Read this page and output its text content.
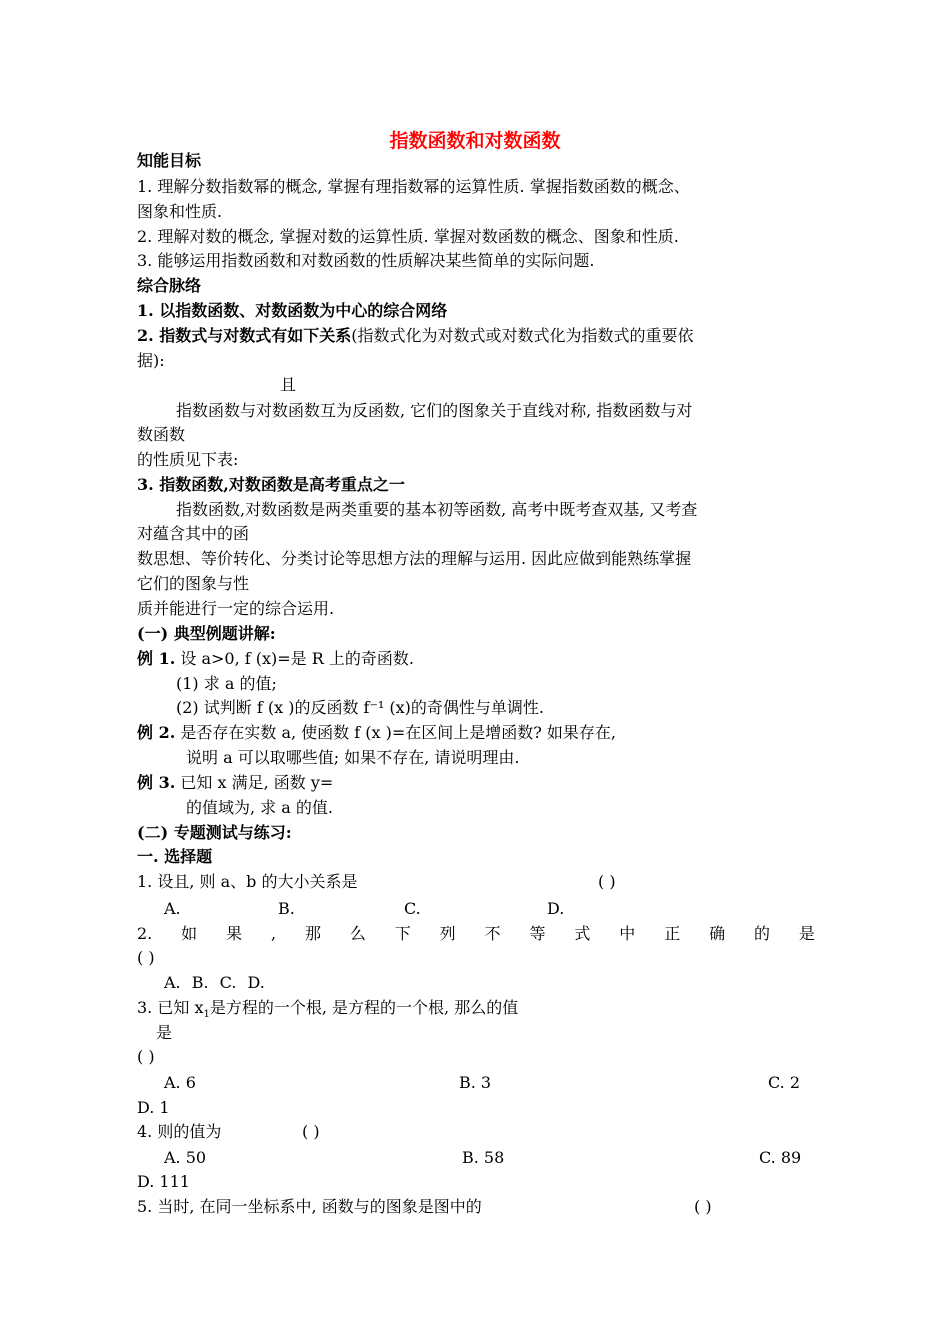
指数函数和对数函数
知能目标
1. 理解分数指数幂的概念, 掌握有理指数幂的运算性质. 掌握指数函数的概念、
图象和性质.
2. 理解对数的概念, 掌握对数的运算性质. 掌握对数函数的概念、图象和性质.
3. 能够运用指数函数和对数函数的性质解决某些简单的实际问题.
综合脉络
1. 以指数函数、对数函数为中心的综合网络
2. 指数式与对数式有如下关系(指数式化为对数式或对数式化为指数式的重要依
据):
且
指数函数与对数函数互为反函数, 它们的图象关于直线对称, 指数函数与对
数函数
的性质见下表:
3. 指数函数,对数函数是高考重点之一
指数函数,对数函数是两类重要的基本初等函数, 高考中既考查双基, 又考查
对蕴含其中的函
数思想、等价转化、分类讨论等思想方法的理解与运用. 因此应做到能熟练掌握
它们的图象与性
质并能进行一定的综合运用.
(一) 典型例题讲解:
例 1. 设 a>0, f (x)=是 R 上的奇函数.
(1) 求 a 的值;
(2) 试判断 f (x )的反函数 f⁻¹ (x)的奇偶性与单调性.
例 2. 是否存在实数 a, 使函数 f (x )=在区间上是增函数? 如果存在,
说明 a 可以取哪些值; 如果不存在, 请说明理由.
例 3. 已知 x 满足, 函数 y=
的值域为, 求 a 的值.
(二) 专题测试与练习:
一. 选择题
1. 设且, 则 a、b 的大小关系是	( )
A.	B.	C.	D.
2. 如 果 , 那 么 下 列 不 等 式 中 正 确 的 是
( )
A. B. C. D.
3. 已知 $x_1$是方程的一个根, 是方程的一个根, 那么的值
是
( )
A. 6	B. 3	C. 2
D. 1
4. 则的值为	( )
A. 50	B. 58	C. 89
D. 111
5. 当时, 在同一坐标系中, 函数与的图象是图中的	( )
